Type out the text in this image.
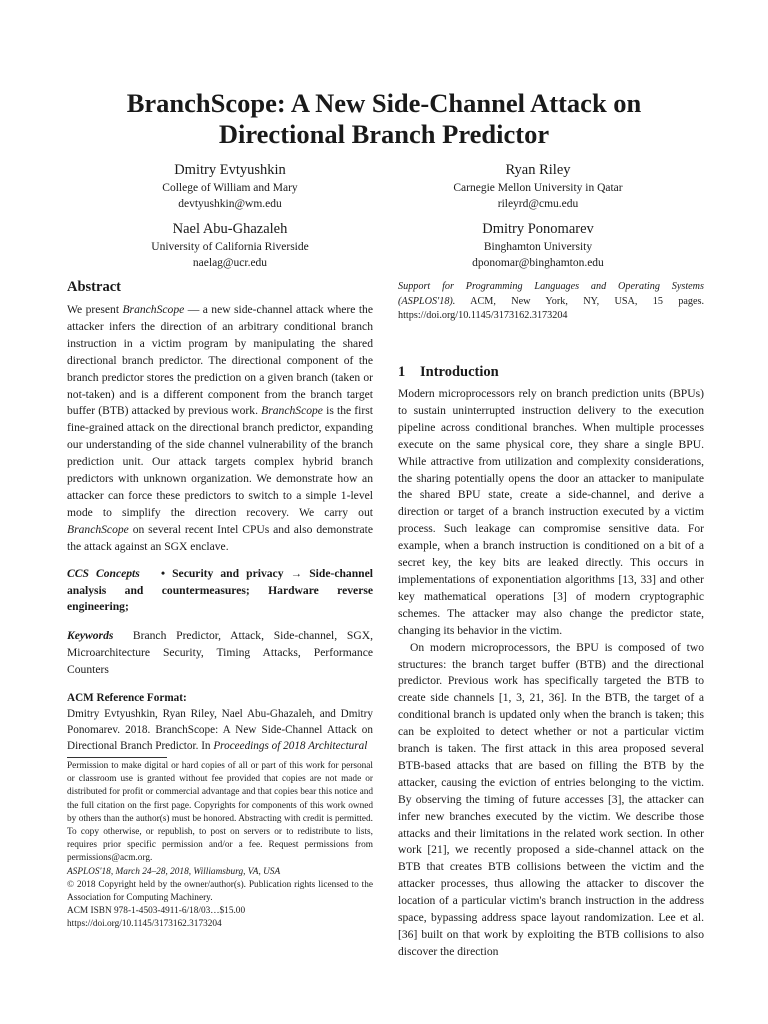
BranchScope: A New Side-Channel Attack on
Directional Branch Predictor
Dmitry Evtyushkin
College of William and Mary
devtyushkin@wm.edu
Ryan Riley
Carnegie Mellon University in Qatar
rileyrd@cmu.edu
Nael Abu-Ghazaleh
University of California Riverside
naelag@ucr.edu
Dmitry Ponomarev
Binghamton University
dponomar@binghamton.edu
Abstract

We present BranchScope — a new side-channel attack where the attacker infers the direction of an arbitrary conditional branch instruction in a victim program by manipulating the shared directional branch predictor. The directional component of the branch predictor stores the prediction on a given branch (taken or not-taken) and is a different component from the branch target buffer (BTB) attacked by previous work. BranchScope is the first fine-grained attack on the directional branch predictor, expanding our understanding of the side channel vulnerability of the branch prediction unit. Our attack targets complex hybrid branch predictors with unknown organization. We demonstrate how an attacker can force these predictors to switch to a simple 1-level mode to simplify the direction recovery. We carry out BranchScope on several recent Intel CPUs and also demonstrate the attack against an SGX enclave.

CCS Concepts • Security and privacy → Side-channel analysis and countermeasures; Hardware reverse engineering;

Keywords Branch Predictor, Attack, Side-channel, SGX, Microarchitecture Security, Timing Attacks, Performance Counters

ACM Reference Format:
Dmitry Evtyushkin, Ryan Riley, Nael Abu-Ghazaleh, and Dmitry Ponomarev. 2018. BranchScope: A New Side-Channel Attack on Directional Branch Predictor. In Proceedings of 2018 Architectural

Permission to make digital or hard copies of all or part of this work for personal or classroom use is granted without fee provided that copies are not made or distributed for profit or commercial advantage and that copies bear this notice and the full citation on the first page. Copyrights for components of this work owned by others than the author(s) must be honored. Abstracting with credit is permitted. To copy otherwise, or republish, to post on servers or to redistribute to lists, requires prior specific permission and/or a fee. Request permissions from permissions@acm.org.

ASPLOS'18, March 24–28, 2018, Williamsburg, VA, USA

© 2018 Copyright held by the owner/author(s). Publication rights licensed to the Association for Computing Machinery.

ACM ISBN 978-1-4503-4911-6/18/03…$15.00

https://doi.org/10.1145/3173162.3173204

Support for Programming Languages and Operating Systems (ASPLOS'18). ACM, New York, NY, USA, 15 pages. https://doi.org/10.1145/3173162.3173204

1 Introduction

Modern microprocessors rely on branch prediction units (BPUs) to sustain uninterrupted instruction delivery to the execution pipeline across conditional branches. When multiple processes execute on the same physical core, they share a single BPU. While attractive from utilization and complexity considerations, the sharing potentially opens the door an attacker to manipulate the shared BPU state, create a side-channel, and derive a direction or target of a branch instruction executed by a victim process. Such leakage can compromise sensitive data. For example, when a branch instruction is conditioned on a bit of a secret key, the key bits are leaked directly. This occurs in implementations of exponentiation algorithms [13, 33] and other key mathematical operations [3] of modern cryptographic schemes. The attacker may also change the predictor state, changing its behavior in the victim.

On modern microprocessors, the BPU is composed of two structures: the branch target buffer (BTB) and the directional predictor. Previous work has specifically targeted the BTB to create side channels [1, 3, 21, 36]. In the BTB, the target of a conditional branch is updated only when the branch is taken; this can be exploited to detect whether or not a particular victim branch is taken. The first attack in this area proposed several BTB-based attacks that are based on filling the BTB by the attacker, causing the eviction of entries belonging to the victim. By observing the timing of future accesses [3], the attacker can infer new branches executed by the victim. We describe those attacks and their limitations in the related work section. In other work [21], we recently proposed a side-channel attack on the BTB that creates BTB collisions between the victim and the attacker processes, thus allowing the attacker to discover the location of a particular victim's branch instruction in the address space, bypassing address space layout randomization. Lee et al. [36] built on that work by exploiting the BTB collisions to also discover the direction
